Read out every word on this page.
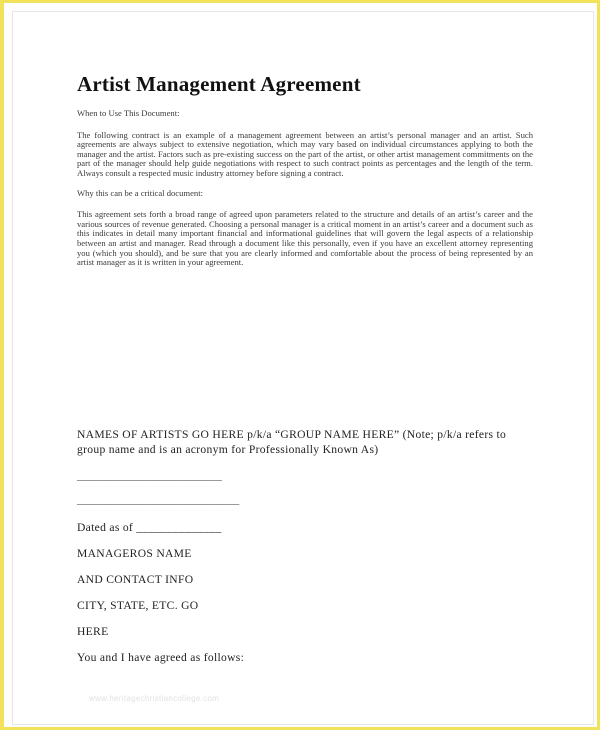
Artist Management Agreement

When to Use This Document:

The following contract is an example of a management agreement between an artist’s personal manager and an artist. Such agreements are always subject to extensive negotiation, which may vary based on individual circumstances applying to both the manager and the artist. Factors such as pre-existing success on the part of the artist, or other artist management commitments on the part of the manager should help guide negotiations with respect to such contract points as percentages and the length of the term. Always consult a respected music industry attorney before signing a contract.

Why this can be a critical document:

This agreement sets forth a broad range of agreed upon parameters related to the structure and details of an artist’s career and the various sources of revenue generated. Choosing a personal manager is a critical moment in an artist’s career and a document such as this indicates in detail many important financial and informational guidelines that will govern the legal aspects of a relationship between an artist and manager. Read through a document like this personally, even if you have an excellent attorney representing you (which you should), and be sure that you are clearly informed and comfortable about the process of being represented by an artist manager as it is written in your agreement.

NAMES OF ARTISTS GO HERE p/k/a “GROUP NAME HERE” (Note; p/k/a refers to group name and is an acronym for Professionally Known As)

_________________________

____________________________

Dated as of ______________

MANAGEROS NAME

AND CONTACT INFO

CITY, STATE, ETC. GO

HERE

You and I have agreed as follows:

www.heritagechristiancollege.com
